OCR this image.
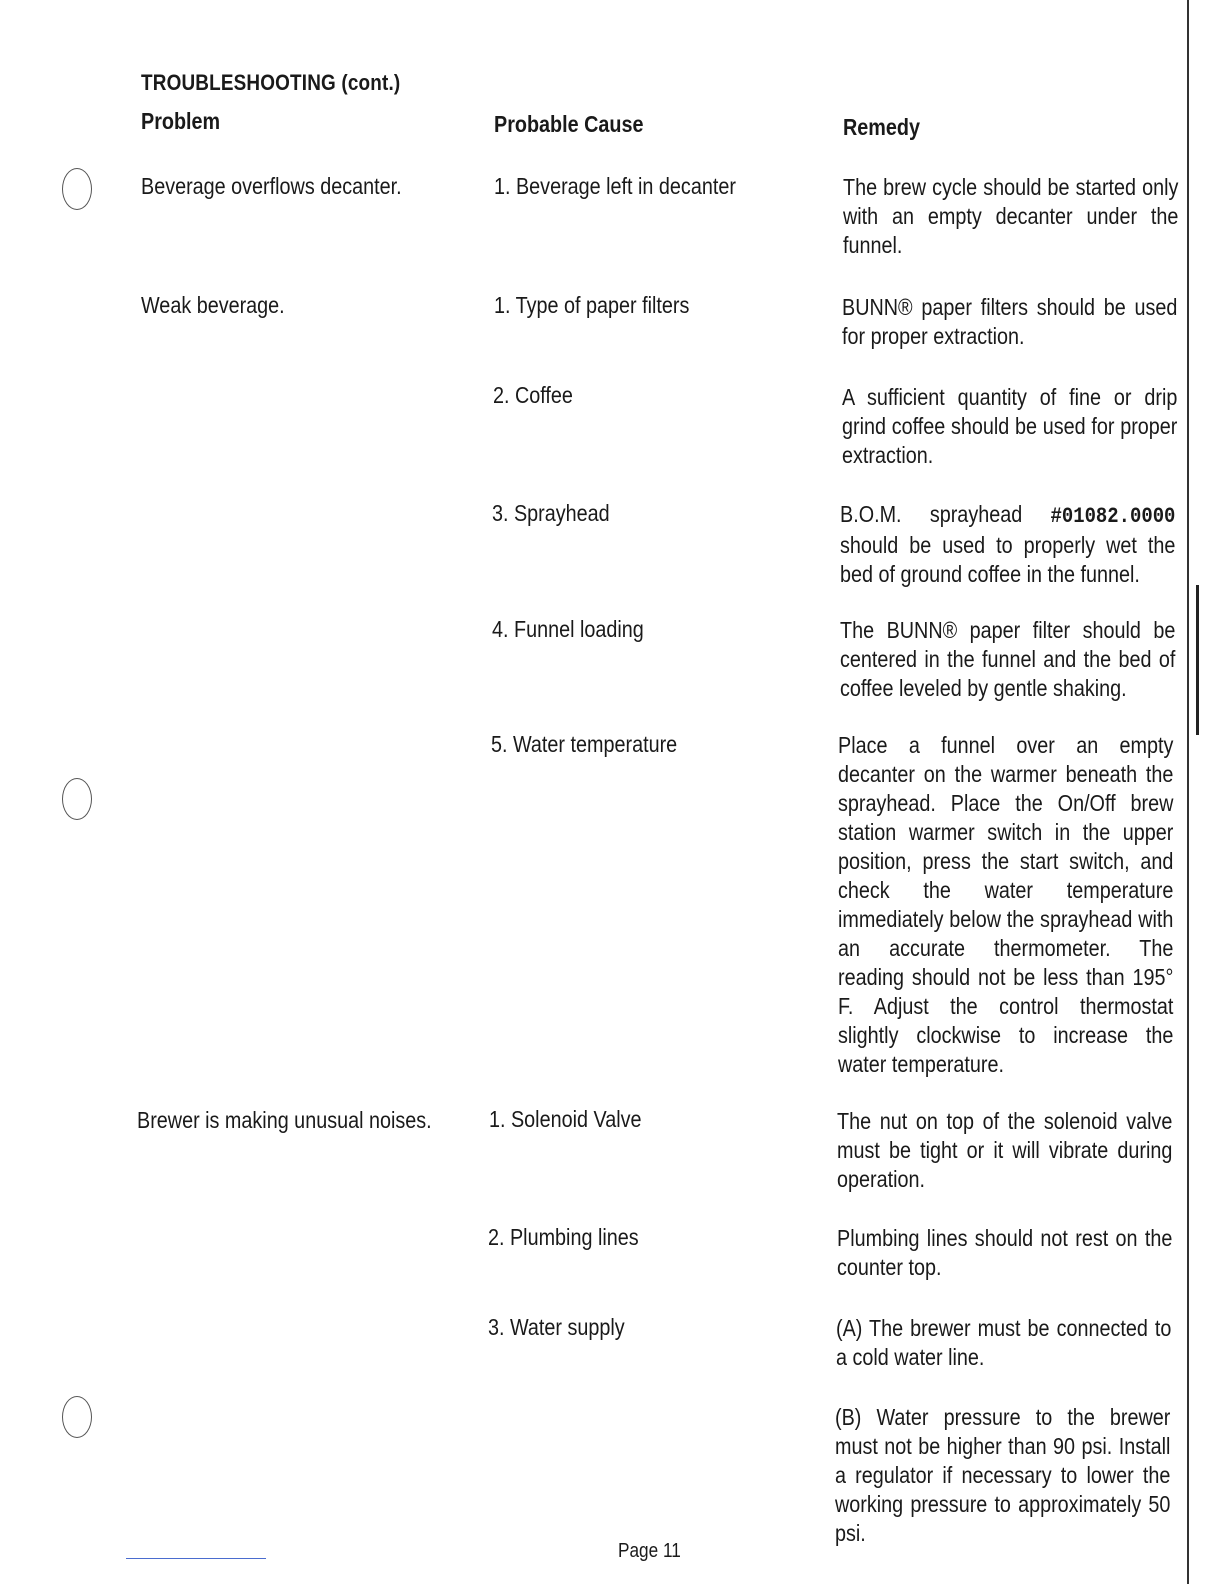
TROUBLESHOOTING (cont.)
Problem	Probable Cause	Remedy
Beverage overflows decanter.
Weak beverage.
Brewer is making unusual noises.
1. Beverage left in decanter
1. Type of paper filters
2. Coffee
3. Sprayhead
4. Funnel loading
5. Water temperature
1. Solenoid Valve
2. Plumbing lines
3. Water supply
The brew cycle should be started only with an empty decanter under the funnel.
BUNN® paper filters should be used for proper extraction.
A sufficient quantity of fine or drip grind coffee should be used for proper extraction.
B.O.M. sprayhead #01082.0000 should be used to properly wet the bed of ground coffee in the funnel.
The BUNN® paper filter should be centered in the funnel and the bed of coffee leveled by gentle shaking.
Place a funnel over an empty decanter on the warmer beneath the sprayhead. Place the On/Off brew station warmer switch in the upper position, press the start switch, and check the water temperature immediately below the sprayhead with an accurate thermometer. The reading should not be less than 195° F. Adjust the control thermostat slightly clockwise to increase the water temperature.
The nut on top of the solenoid valve must be tight or it will vibrate during operation.
Plumbing lines should not rest on the counter top.
(A) The brewer must be connected to a cold water line.
(B) Water pressure to the brewer must not be higher than 90 psi. Install a regulator if necessary to lower the working pressure to approximately 50 psi.
Page 11
